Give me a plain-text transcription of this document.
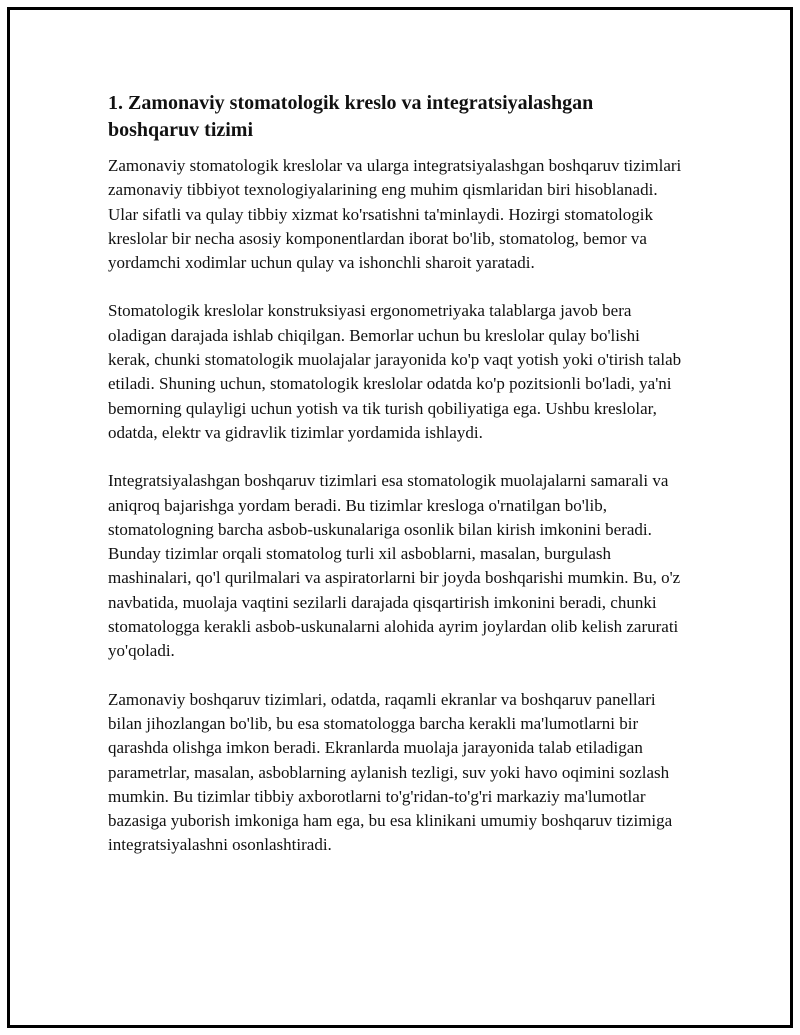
1. Zamonaviy stomatologik kreslo va integratsiyalashgan boshqaruv tizimi

Zamonaviy stomatologik kreslolar va ularga integratsiyalashgan boshqaruv tizimlari zamonaviy tibbiyot texnologiyalarining eng muhim qismlaridan biri hisoblanadi. Ular sifatli va qulay tibbiy xizmat ko'rsatishni ta'minlaydi. Hozirgi stomatologik kreslolar bir necha asosiy komponentlardan iborat bo'lib, stomatolog, bemor va yordamchi xodimlar uchun qulay va ishonchli sharoit yaratadi.

Stomatologik kreslolar konstruksiyasi ergonometriyaka talablarga javob bera oladigan darajada ishlab chiqilgan. Bemorlar uchun bu kreslolar qulay bo'lishi kerak, chunki stomatologik muolajalar jarayonida ko'p vaqt yotish yoki o'tirish talab etiladi. Shuning uchun, stomatologik kreslolar odatda ko'p pozitsionli bo'ladi, ya'ni bemorning qulayligi uchun yotish va tik turish qobiliyatiga ega. Ushbu kreslolar, odatda, elektr va gidravlik tizimlar yordamida ishlaydi.

Integratsiyalashgan boshqaruv tizimlari esa stomatologik muolajalarni samarali va aniqroq bajarishga yordam beradi. Bu tizimlar kresloga o'rnatilgan bo'lib, stomatologning barcha asbob-uskunalariga osonlik bilan kirish imkonini beradi. Bunday tizimlar orqali stomatolog turli xil asboblarni, masalan, burgulash mashinalari, qo'l qurilmalari va aspiratorlarni bir joyda boshqarishi mumkin. Bu, o'z navbatida, muolaja vaqtini sezilarli darajada qisqartirish imkonini beradi, chunki stomatologga kerakli asbob-uskunalarni alohida ayrim joylardan olib kelish zarurati yo'qoladi.

Zamonaviy boshqaruv tizimlari, odatda, raqamli ekranlar va boshqaruv panellari bilan jihozlangan bo'lib, bu esa stomatologga barcha kerakli ma'lumotlarni bir qarashda olishga imkon beradi. Ekranlarda muolaja jarayonida talab etiladigan parametrlar, masalan, asboblarning aylanish tezligi, suv yoki havo oqimini sozlash mumkin. Bu tizimlar tibbiy axborotlarni to'g'ridan-to'g'ri markaziy ma'lumotlar bazasiga yuborish imkoniga ham ega, bu esa klinikani umumiy boshqaruv tizimiga integratsiyalashni osonlashtiradi.
